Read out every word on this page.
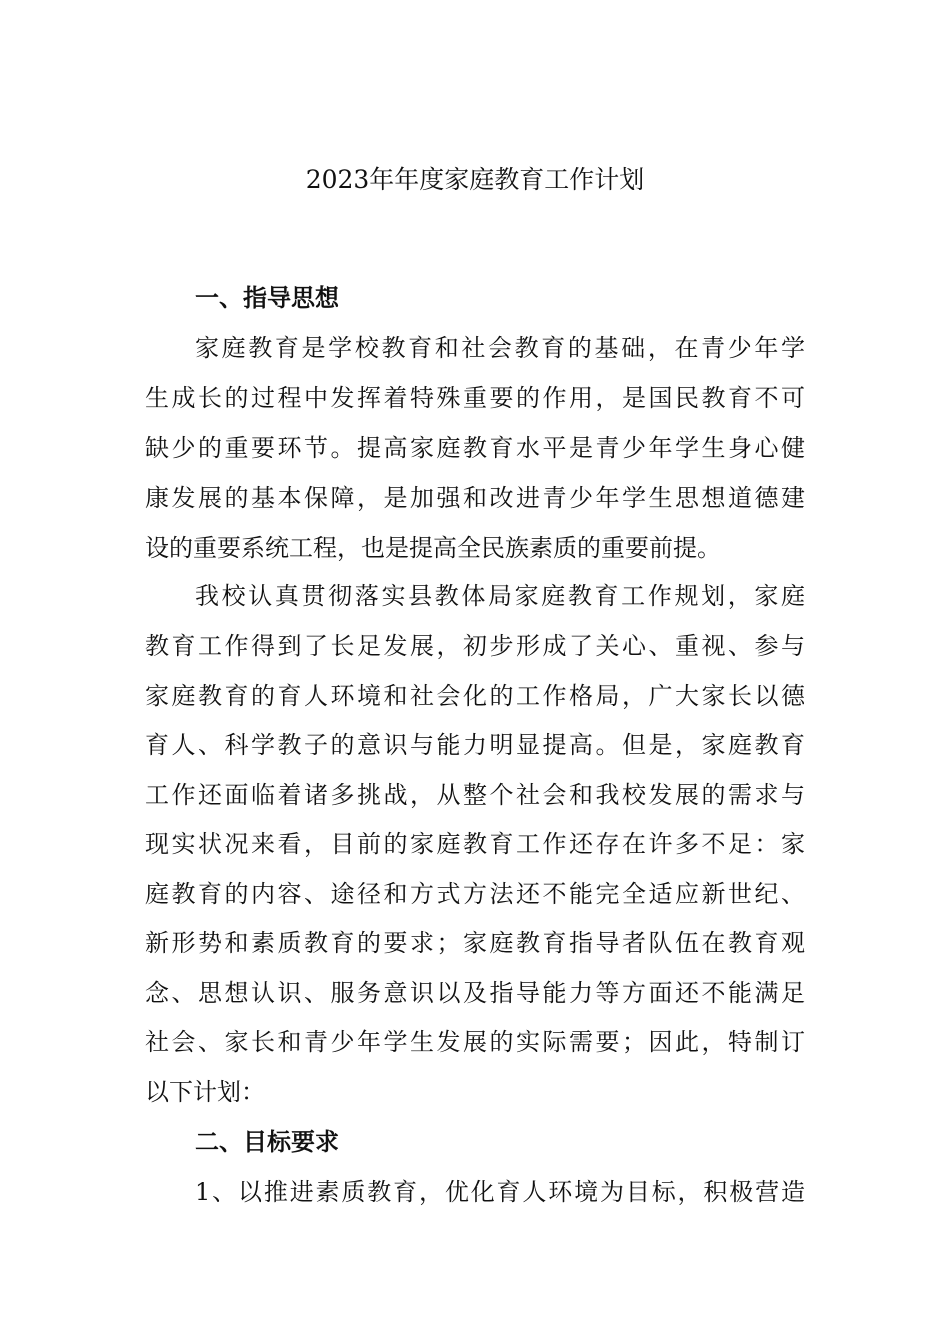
2023年年度家庭教育工作计划
一、指导思想
家庭教育是学校教育和社会教育的基础，在青少年学
生成长的过程中发挥着特殊重要的作用，是国民教育不可
缺少的重要环节。提高家庭教育水平是青少年学生身心健
康发展的基本保障，是加强和改进青少年学生思想道德建
设的重要系统工程，也是提高全民族素质的重要前提。
我校认真贯彻落实县教体局家庭教育工作规划，家庭
教育工作得到了长足发展，初步形成了关心、重视、参与
家庭教育的育人环境和社会化的工作格局，广大家长以德
育人、科学教子的意识与能力明显提高。但是，家庭教育
工作还面临着诸多挑战，从整个社会和我校发展的需求与
现实状况来看，目前的家庭教育工作还存在许多不足：家
庭教育的内容、途径和方式方法还不能完全适应新世纪、
新形势和素质教育的要求；家庭教育指导者队伍在教育观
念、思想认识、服务意识以及指导能力等方面还不能满足
社会、家长和青少年学生发展的实际需要；因此，特制订
以下计划：
二、目标要求
1、以推进素质教育，优化育人环境为目标，积极营造
